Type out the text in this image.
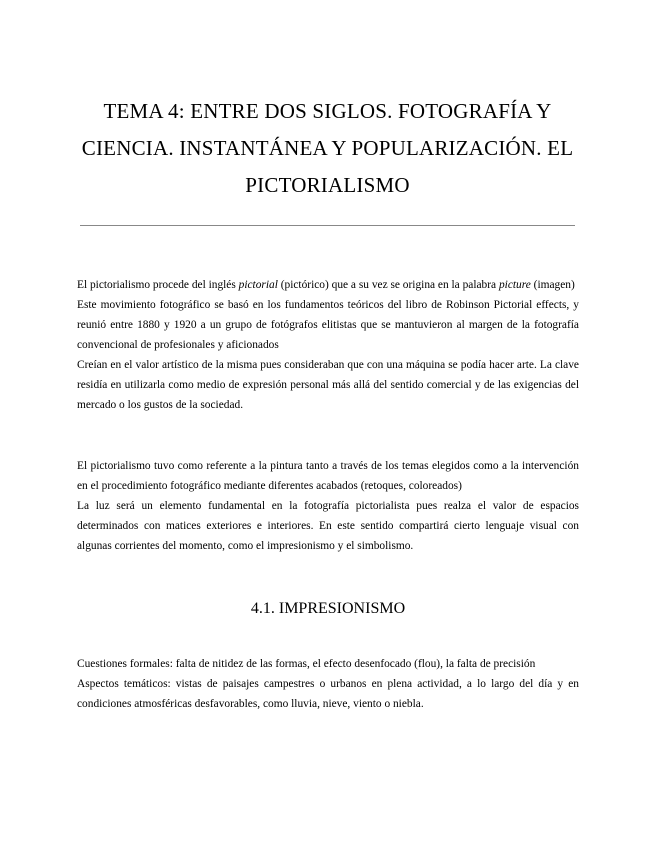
TEMA 4: ENTRE DOS SIGLOS. FOTOGRAFÍA Y CIENCIA. INSTANTÁNEA Y POPULARIZACIÓN. EL PICTORIALISMO

El pictorialismo procede del inglés pictorial (pictórico) que a su vez se origina en la palabra picture (imagen)

Este movimiento fotográfico se basó en los fundamentos teóricos del libro de Robinson Pictorial effects, y reunió entre 1880 y 1920 a un grupo de fotógrafos elitistas que se mantuvieron al margen de la fotografía convencional de profesionales y aficionados

Creían en el valor artístico de la misma pues consideraban que con una máquina se podía hacer arte. La clave residía en utilizarla como medio de expresión personal más allá del sentido comercial y de las exigencias del mercado o los gustos de la sociedad.

El pictorialismo tuvo como referente a la pintura tanto a través de los temas elegidos como a la intervención en el procedimiento fotográfico mediante diferentes acabados (retoques, coloreados)

La luz será un elemento fundamental en la fotografía pictorialista pues realza el valor de espacios determinados con matices exteriores e interiores. En este sentido compartirá cierto lenguaje visual con algunas corrientes del momento, como el impresionismo y el simbolismo.

4.1. IMPRESIONISMO

Cuestiones formales: falta de nitidez de las formas, el efecto desenfocado (flou), la falta de precisión

Aspectos temáticos: vistas de paisajes campestres o urbanos en plena actividad, a lo largo del día y en condiciones atmosféricas desfavorables, como lluvia, nieve, viento o niebla.
